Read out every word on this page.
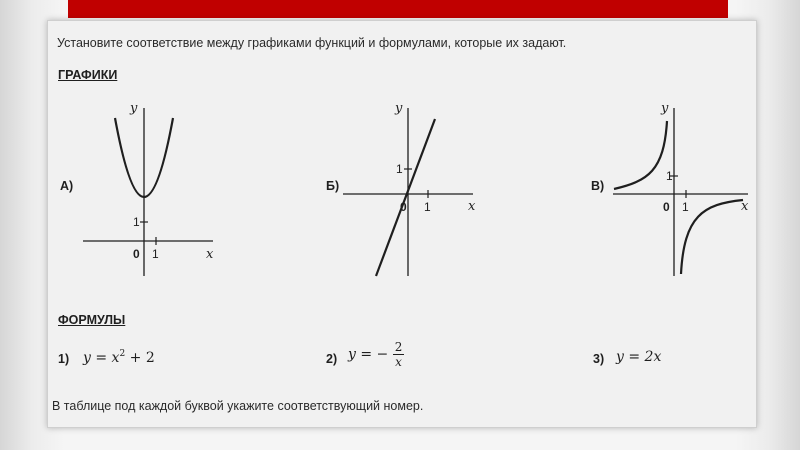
Установите соответствие между графиками функций и формулами, которые их задают.
ГРАФИКИ
А)
y
x
0 1
1
Б)
y
x
0 1
1
В)
y
x
0 1
1
ФОРМУЛЫ
1) $y = x^2 + 2$	2) y = − $\frac{2}{x}$	3) y = 2x
В таблице под каждой буквой укажите соответствующий номер.
